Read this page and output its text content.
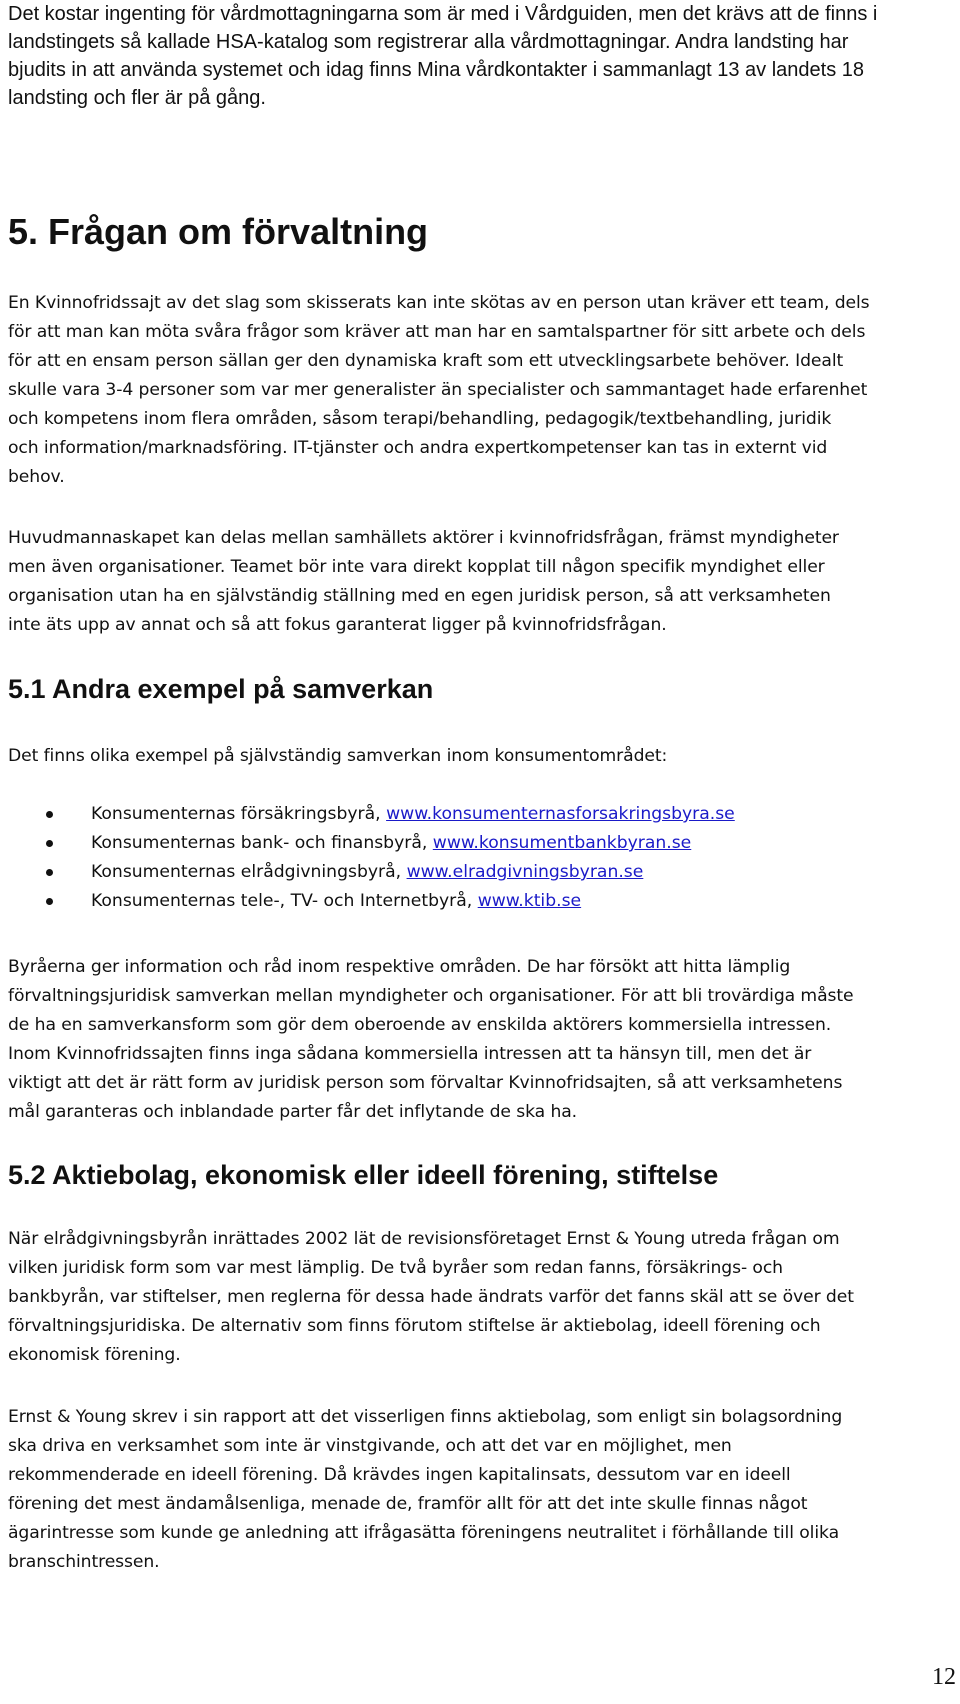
Det kostar ingenting för vårdmottagningarna som är med i Vårdguiden, men det krävs att de finns i
landstingets så kallade HSA-katalog som registrerar alla vårdmottagningar. Andra landsting har
bjudits in att använda systemet och idag finns Mina vårdkontakter i sammanlagt 13 av landets 18
landsting och fler är på gång.
5. Frågan om förvaltning
En Kvinnofridssajt av det slag som skisserats kan inte skötas av en person utan kräver ett team, dels
för att man kan möta svåra frågor som kräver att man har en samtalspartner för sitt arbete och dels
för att en ensam person sällan ger den dynamiska kraft som ett utvecklingsarbete behöver. Idealt
skulle vara 3-4 personer som var mer generalister än specialister och sammantaget hade erfarenhet
och kompetens inom flera områden, såsom terapi/behandling, pedagogik/textbehandling, juridik
och information/marknadsföring. IT-tjänster och andra expertkompetenser kan tas in externt vid
behov.
Huvudmannaskapet kan delas mellan samhällets aktörer i kvinnofridsfrågan, främst myndigheter
men även organisationer. Teamet bör inte vara direkt kopplat till någon specifik myndighet eller
organisation utan ha en självständig ställning med en egen juridisk person, så att verksamheten
inte äts upp av annat och så att fokus garanterat ligger på kvinnofridsfrågan.
5.1 Andra exempel på samverkan
Det finns olika exempel på självständig samverkan inom konsumentområdet:
Konsumenternas försäkringsbyrå, www.konsumenternasforsakringsbyra.se
Konsumenternas bank- och finansbyrå, www.konsumentbankbyran.se
Konsumenternas elrådgivningsbyrå, www.elradgivningsbyran.se
Konsumenternas tele-, TV- och Internetbyrå, www.ktib.se
Byråerna ger information och råd inom respektive områden. De har försökt att hitta lämplig
förvaltningsjuridisk samverkan mellan myndigheter och organisationer. För att bli trovärdiga måste
de ha en samverkansform som gör dem oberoende av enskilda aktörers kommersiella intressen.
Inom Kvinnofridssajten finns inga sådana kommersiella intressen att ta hänsyn till, men det är
viktigt att det är rätt form av juridisk person som förvaltar Kvinnofridsajten, så att verksamhetens
mål garanteras och inblandade parter får det inflytande de ska ha.
5.2 Aktiebolag, ekonomisk eller ideell förening, stiftelse
När elrådgivningsbyrån inrättades 2002 lät de revisionsföretaget Ernst & Young utreda frågan om
vilken juridisk form som var mest lämplig. De två byråer som redan fanns, försäkrings- och
bankbyrån, var stiftelser, men reglerna för dessa hade ändrats varför det fanns skäl att se över det
förvaltningsjuridiska. De alternativ som finns förutom stiftelse är aktiebolag, ideell förening och
ekonomisk förening.
Ernst & Young skrev i sin rapport att det visserligen finns aktiebolag, som enligt sin bolagsordning
ska driva en verksamhet som inte är vinstgivande, och att det var en möjlighet, men
rekommenderade en ideell förening. Då krävdes ingen kapitalinsats, dessutom var en ideell
förening det mest ändamålsenliga, menade de, framför allt för att det inte skulle finnas något
ägarintresse som kunde ge anledning att ifrågasätta föreningens neutralitet i förhållande till olika
branschintressen.
12
